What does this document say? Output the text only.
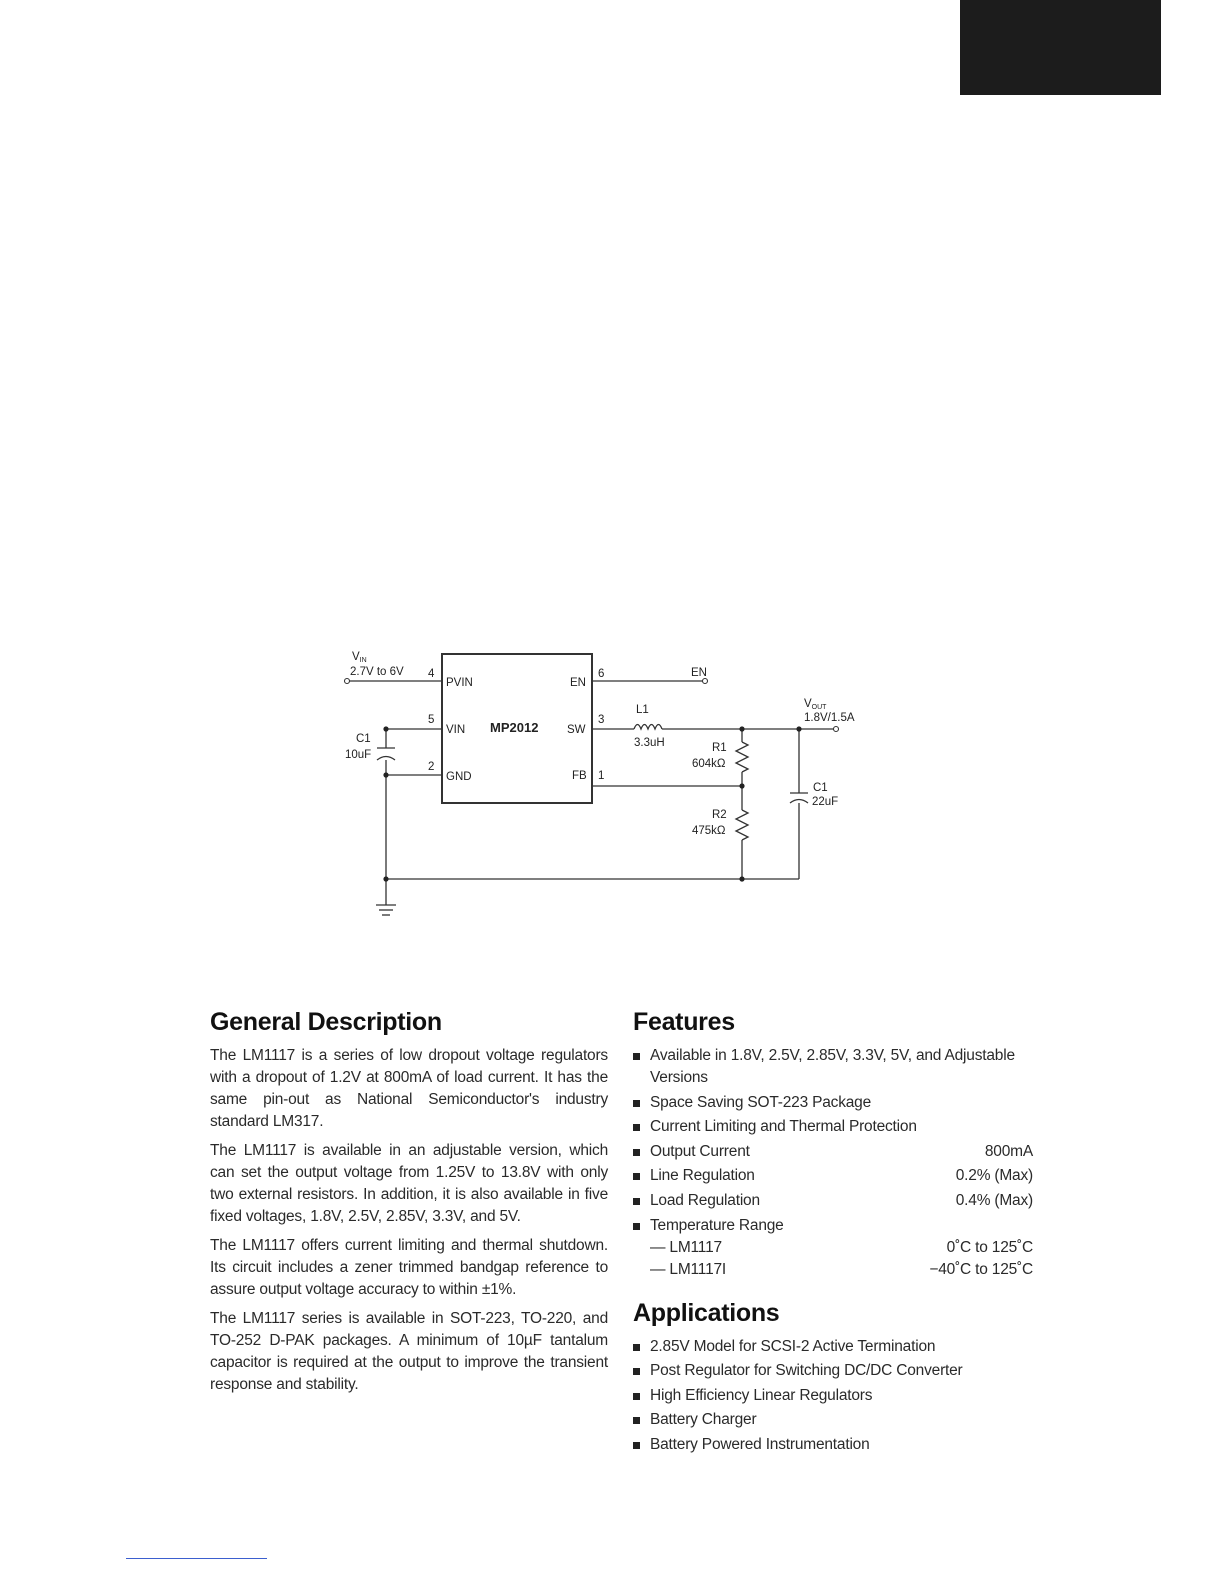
VIN
2.7V to 6V
MP2012
4
PVIN
5
VIN
2
GND
6
EN
3
SW
1
FB
EN
C1
10uF
L1
3.3uH	R1
604kΩ
R2
475kΩ
C1
22uF
VOUT
1.8V/1.5A
General Description

The LM1117 is a series of low dropout voltage regulators with a dropout of 1.2V at 800mA of load current. It has the same pin-out as National Semiconductor's industry standard LM317.

The LM1117 is available in an adjustable version, which can set the output voltage from 1.25V to 13.8V with only two external resistors. In addition, it is also available in five fixed voltages, 1.8V, 2.5V, 2.85V, 3.3V, and 5V.

The LM1117 offers current limiting and thermal shutdown. Its circuit includes a zener trimmed bandgap reference to assure output voltage accuracy to within ±1%.

The LM1117 series is available in SOT-223, TO-220, and TO-252 D-PAK packages. A minimum of 10µF tantalum capacitor is required at the output to improve the transient response and stability.

Features
Available in 1.8V, 2.5V, 2.85V, 3.3V, 5V, and Adjustable Versions
Space Saving SOT-223 Package
Current Limiting and Thermal Protection
Output Current	800mA
Line Regulation	0.2% (Max)
Load Regulation	0.4% (Max)
Temperature Range
— LM1117	0˚C to 125˚C
— LM1117I	−40˚C to 125˚C
Applications
2.85V Model for SCSI-2 Active Termination
Post Regulator for Switching DC/DC Converter
High Efficiency Linear Regulators
Battery Charger
Battery Powered Instrumentation
